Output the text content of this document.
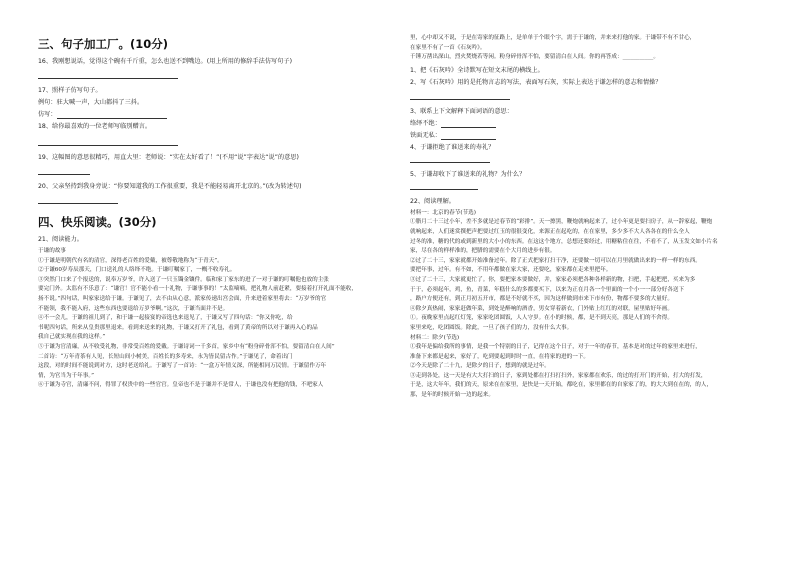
三、句子加工厂。(10分)

16、我刚想说话，觉得这个碗有千斤重，怎么也送不到嘴边。(用上所用的修辞手法仿写句子)

17、照样子仿写句子。

例句：驻大喊一声，大山都抖了三抖。

仿写：

18、给你最喜欢的一位老师写临别赠言。

19、这幅图的意思很精巧，用直大里：老师说：“实在太好看了！”(不用“说”字表达“说”的意思)

20、父亲坚持到我身旁说：“你要知道我的工作很重要，我是不能轻易离开北京的。”(改为转述句)

四、快乐阅读。(30分)

21、阅读能力。

于谦的故事

①于谦是明朝代有名的清官，深得老百姓的爱戴，被尊敬地称为“于青天”。

②于谦60岁寿辰那天，门口送礼的人络绎不绝。于谦叮嘱家丁，一概不收寿礼。

③突然门口来了个报送的，说奉万岁爷，许入送了一只玉镯金镶件。临和家丁家东的进了一对于谦的叮嘱他也放的主张

要完门外。太监有不乐意了：“谦官！官不能小看一十礼物，于谦事事的！”太监嘀嘀，把礼物人前赶紧，要接着打开礼面不能收，

扬不说。”四句话，叫家家送给于谦。于谦见了，去不由从心意，派家传递出宫会面，升来进着家里将去：“万岁爷的官

不能领，我不能入府，这些东西也要退给万岁爷啊。”这次，于谦当面并不是。

④不一会儿，于谦的祖儿到了，和于谦一起接宴的帝选也来退见了，于谦又写了四句话：“你又你吃，给

书呢四句话，所来从皇贵那里退来。看到来送来的礼物，于谦又打开了礼包，看到了黄帝的所以对于谦再入心的品

我自己就实现在我的这样。”

⑤于谦为官清廉，从不收受礼物，非常受百姓的爱戴。于谦诗词一千多首，家乡中有“粉身碎骨浑不怕，要留清白在人间”

二首诗：“万年青茶有人见，长短山间小树美，百姓长的多寿来，永为皆民留古作。”于谦见了，命着出门

这段，对的时间不能说到对方，这时老送给礼。于谦写了一首诗：“一盒万年情义深，所能相同万民情。于谦留作万年

情，为官当为千年事。”

⑥于谦为寺官，清廉不问，得罪了权贵中的一些官官。皇帝也不是于谦并不是常人，于谦也没有把他的钱，不吧家人

里，心中却又不说，于是在寄家的征路上，是单单于个眼个字，需于于谦的，并来来打他的家。于谦带不有不甘心，

在家里不有了一首《石灰吟》。

千锤万凿出深山，烈火焚烧若等闲。粉身碎骨浑不怕，要留清白在人间。你的再答成：___________。

1、把《石灰吟》全诗默写在短文末尾的横线上。

2、写《石灰吟》用的是托物言志的写法，表面写石灰，实际上表达于谦怎样的意志和情操？

3、联系上下文解释下面词语的意思：

络绎不绝：

铁面无私：

4、于谦拒绝了谁送来的寿礼？

5、于谦却收下了谁送来的礼物？为什么？

22、阅读理解。

材料一：北京的春节(节选)

①腊月二十三过小年，差不多就是过春节的“彩排”。天一擦黑，鞭炮就响起来了，过小年更是要扫房子，从一辞家起，鞭炮

就响起来，人们迷赏撰把声把要过红玉的很很变化，来源正在起吃的，在在家里，多少多不大人各各在的什么全人

过冬的准，糖的代的或到新里的大小小的东西。在这这个地方，总想还要经过，用糖粘住在往，不看不了，从玉发文如小片名

家，尽在各的样样准的，把腊的需要在个大月的进步有很。

②过了二十三，家家就都开始准备过年。除了正式把家打扫干净，还要做一切可以在月里就做出来的一样一样的东西。

要把年事，过年。有不如，不用年都做在家大家，还要吃，家家都在走来里把年。

③过了二十三，大家就更忙了。你，要把家本要做好，并，家家必须把各种各样新的物，扫把，手起把把，买来为多

于于，必须起年，鸡，鱼，青菜，年糕什么的多都要买下，以来为正在月各一个里面的一个小一一部分好各送下

，路户方便还有，到正月初五开市，都是不好就不买，因为这样做到市来下市有份，物都不要多的大量好。

④除夕真热闹，家家赶做年菜，到处是醉响的酒香，男女穿着新衣，门外贴上红红的对联，屋里贴好年画。

①。夜晚家里点起红灯笼，家家吃团圆饭，人人守岁。在小的时候，都，是不到天亮，那是人们的不舍得。

家里来吃，吃团圆饭。除此，一旦了孩子们的力，没有什么大事。

材料二：除夕(节选)

①我年是偏给我所的事情，是我一个特别的日子，记得在这个日子，对于一年的春节，基本是对的过年的家里来进行，

准备下来都是起来，家好了，吃到要起到时时一直，在将家的进的一下。

②今天是除了二十九，是除夕的日子，想到的就是过年。

③走到各处，这一天是有大大打扫的日子，家到处都在打扫打扫外，家家都在欢乐，的过的打开门的开始，打大的打发，

于是，这大年年，我们的天，原来在在家里，是快是一天开始，都吃在，家里都在的自家家了的，的大大到在在的，的人，

那，是年的时候开始一边的起来。
